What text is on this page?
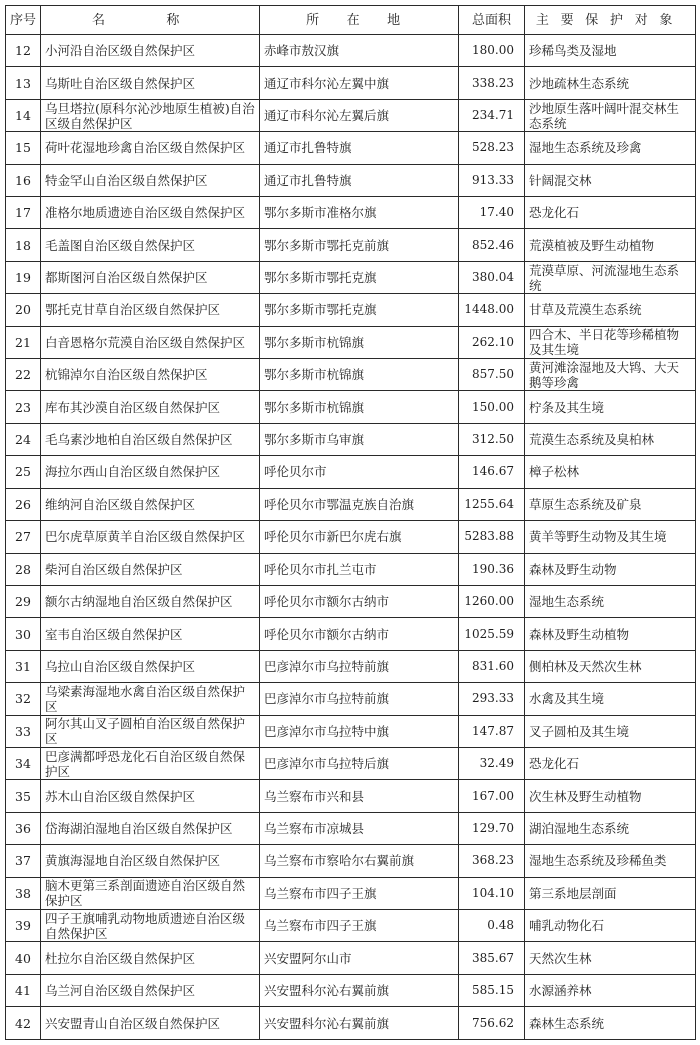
序号	名 称	所 在 地	总面积	主要保护对象
12	小河沿自治区级自然保护区	赤峰市敖汉旗	180.00	珍稀鸟类及湿地
13	乌斯吐自治区级自然保护区	通辽市科尔沁左翼中旗	338.23	沙地疏林生态系统
14	乌旦塔拉(原科尔沁沙地原生植被)自治区级自然保护区	通辽市科尔沁左翼后旗	234.71	沙地原生落叶阔叶混交林生态系统
15	荷叶花湿地珍禽自治区级自然保护区	通辽市扎鲁特旗	528.23	湿地生态系统及珍禽
16	特金罕山自治区级自然保护区	通辽市扎鲁特旗	913.33	针阔混交林
17	准格尔地质遗迹自治区级自然保护区	鄂尔多斯市准格尔旗	17.40	恐龙化石
18	毛盖图自治区级自然保护区	鄂尔多斯市鄂托克前旗	852.46	荒漠植被及野生动植物
19	都斯图河自治区级自然保护区	鄂尔多斯市鄂托克旗	380.04	荒漠草原、河流湿地生态系统
20	鄂托克甘草自治区级自然保护区	鄂尔多斯市鄂托克旗	1448.00	甘草及荒漠生态系统
21	白音恩格尔荒漠自治区级自然保护区	鄂尔多斯市杭锦旗	262.10	四合木、半日花等珍稀植物及其生境
22	杭锦淖尔自治区级自然保护区	鄂尔多斯市杭锦旗	857.50	黄河滩涂湿地及大鸨、大天鹅等珍禽
23	库布其沙漠自治区级自然保护区	鄂尔多斯市杭锦旗	150.00	柠条及其生境
24	毛乌素沙地柏自治区级自然保护区	鄂尔多斯市乌审旗	312.50	荒漠生态系统及臭柏林
25	海拉尔西山自治区级自然保护区	呼伦贝尔市	146.67	樟子松林
26	维纳河自治区级自然保护区	呼伦贝尔市鄂温克族自治旗	1255.64	草原生态系统及矿泉
27	巴尔虎草原黄羊自治区级自然保护区	呼伦贝尔市新巴尔虎右旗	5283.88	黄羊等野生动物及其生境
28	柴河自治区级自然保护区	呼伦贝尔市扎兰屯市	190.36	森林及野生动物
29	额尔古纳湿地自治区级自然保护区	呼伦贝尔市额尔古纳市	1260.00	湿地生态系统
30	室韦自治区级自然保护区	呼伦贝尔市额尔古纳市	1025.59	森林及野生动植物
31	乌拉山自治区级自然保护区	巴彦淖尔市乌拉特前旗	831.60	侧柏林及天然次生林
32	乌梁素海湿地水禽自治区级自然保护区	巴彦淖尔市乌拉特前旗	293.33	水禽及其生境
33	阿尔其山叉子圆柏自治区级自然保护区	巴彦淖尔市乌拉特中旗	147.87	叉子圆柏及其生境
34	巴彦满都呼恐龙化石自治区级自然保护区	巴彦淖尔市乌拉特后旗	32.49	恐龙化石
35	苏木山自治区级自然保护区	乌兰察布市兴和县	167.00	次生林及野生动植物
36	岱海湖泊湿地自治区级自然保护区	乌兰察布市凉城县	129.70	湖泊湿地生态系统
37	黄旗海湿地自治区级自然保护区	乌兰察布市察哈尔右翼前旗	368.23	湿地生态系统及珍稀鱼类
38	脑木更第三系剖面遗迹自治区级自然保护区	乌兰察布市四子王旗	104.10	第三系地层剖面
39	四子王旗哺乳动物地质遗迹自治区级自然保护区	乌兰察布市四子王旗	0.48	哺乳动物化石
40	杜拉尔自治区级自然保护区	兴安盟阿尔山市	385.67	天然次生林
41	乌兰河自治区级自然保护区	兴安盟科尔沁右翼前旗	585.15	水源涵养林
42	兴安盟青山自治区级自然保护区	兴安盟科尔沁右翼前旗	756.62	森林生态系统
